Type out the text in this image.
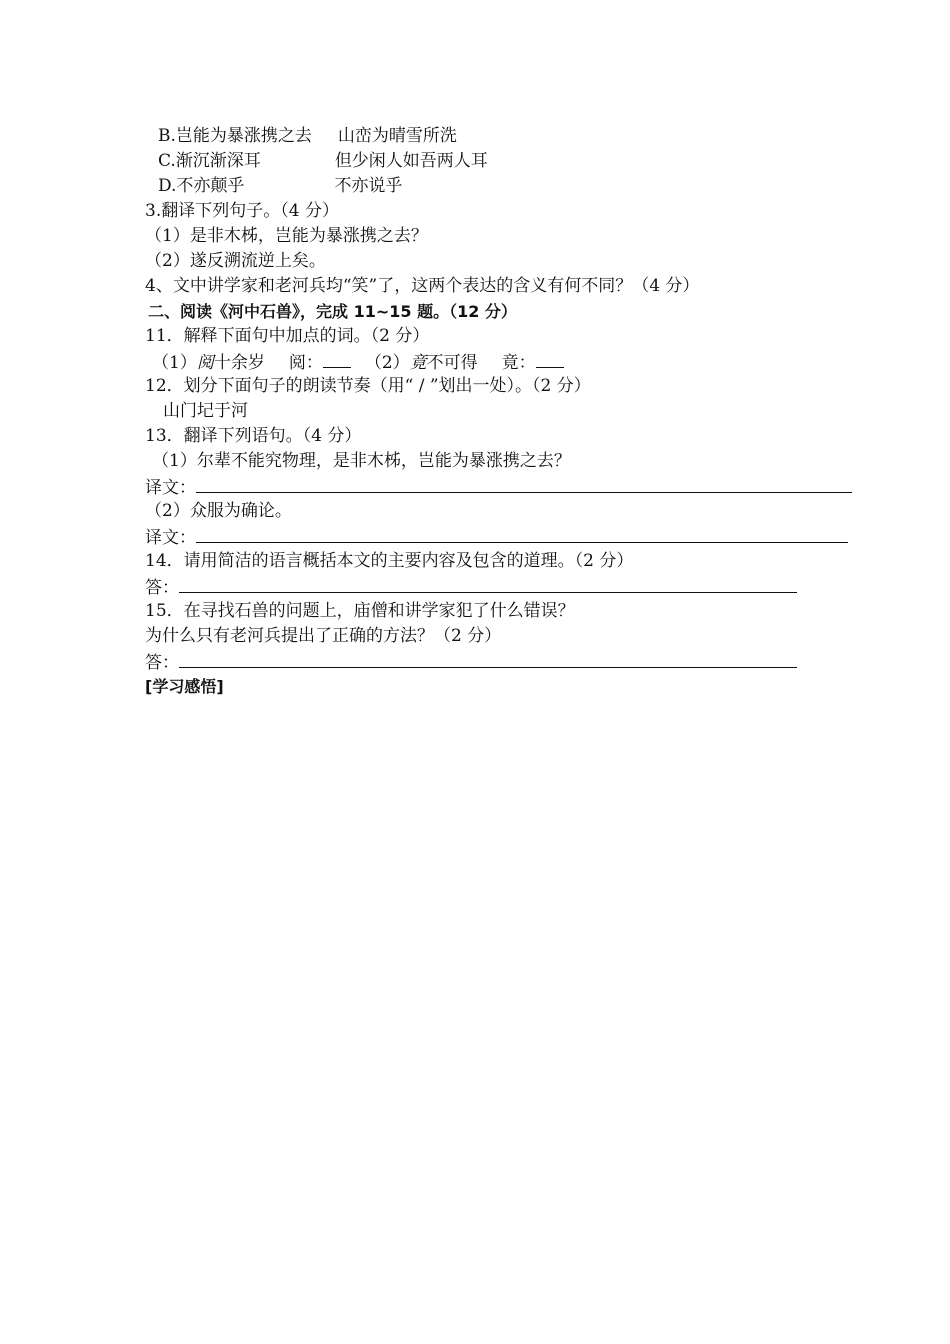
B.岂能为暴涨携之去 山峦为晴雪所洗
C.渐沉渐深耳	但少闲人如吾两人耳
D.不亦颠乎	不亦说乎
3.翻译下列句子。（4 分）
（1）是非木柹，岂能为暴涨携之去？
（2）遂反溯流逆上矣。
4、文中讲学家和老河兵均“笑”了，这两个表达的含义有何不同？（4 分）
二、阅读《河中石兽》，完成 11~15 题。（12 分）
11．解释下面句中加点的词。（2 分）
（1）阅十余岁 阅： （2）竟不可得 竟：
12．划分下面句子的朗读节奏（用“ / ”划出一处）。（2 分）
山门圮于河
13．翻译下列语句。（4 分）
（1）尔辈不能究物理，是非木柹，岂能为暴涨携之去？
译文：
（2）众服为确论。
译文：
14．请用简洁的语言概括本文的主要内容及包含的道理。（2 分）
答：
15．在寻找石兽的问题上，庙僧和讲学家犯了什么错误？
为什么只有老河兵提出了正确的方法？（2 分）
答：
[学习感悟]
